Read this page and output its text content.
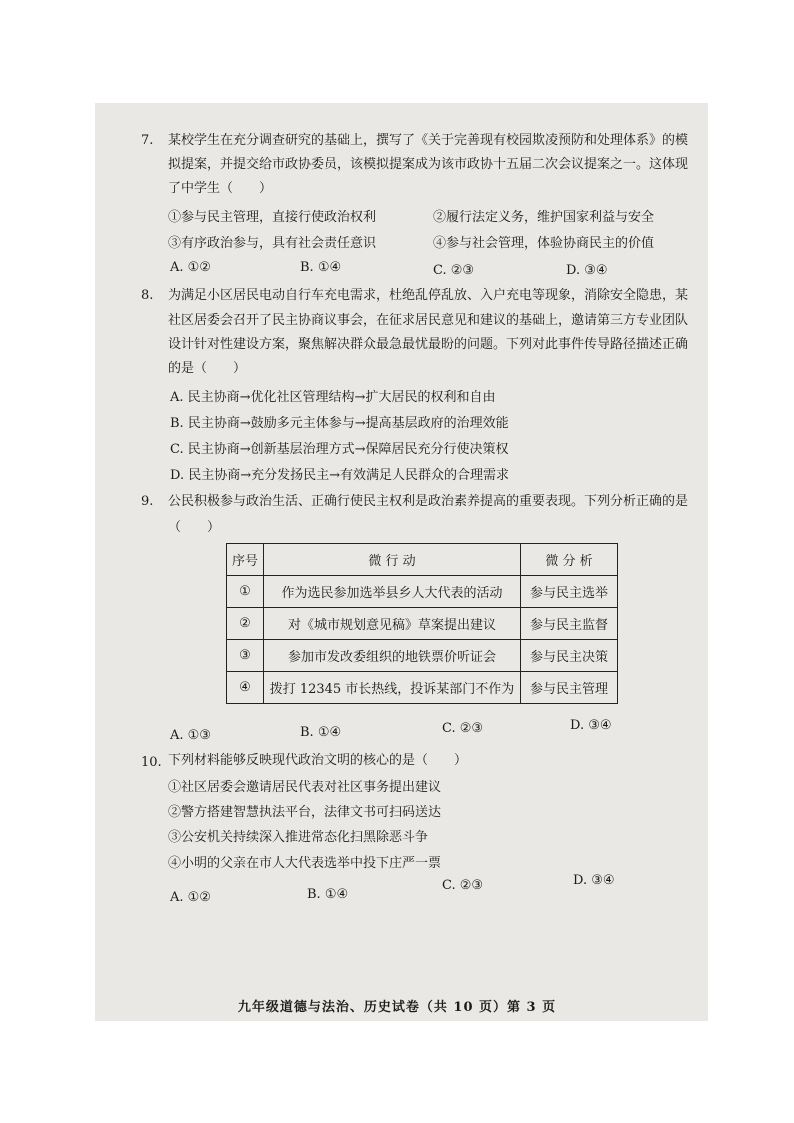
7. 某校学生在充分调查研究的基础上，撰写了《关于完善现有校园欺凌预防和处理体系》的模
拟提案，并提交给市政协委员，该模拟提案成为该市政协十五届二次会议提案之一。这体现
了中学生（　　）
①参与民主管理，直接行使政治权利	②履行法定义务，维护国家利益与安全
③有序政治参与，具有社会责任意识	④参与社会管理，体验协商民主的价值
A. ①②	B. ①④	C. ②③	D. ③④
8. 为满足小区居民电动自行车充电需求，杜绝乱停乱放、入户充电等现象，消除安全隐患，某
社区居委会召开了民主协商议事会，在征求居民意见和建议的基础上，邀请第三方专业团队
设计针对性建设方案，聚焦解决群众最急最忧最盼的问题。下列对此事件传导路径描述正确
的是（　　）
A. 民主协商→优化社区管理结构→扩大居民的权利和自由
B. 民主协商→鼓励多元主体参与→提高基层政府的治理效能
C. 民主协商→创新基层治理方式→保障居民充分行使决策权
D. 民主协商→充分发扬民主→有效满足人民群众的合理需求
9. 公民积极参与政治生活、正确行使民主权利是政治素养提高的重要表现。下列分析正确的是
（　　）
序号	微 行 动	微 分 析
①	作为选民参加选举县乡人大代表的活动	参与民主选举
②	对《城市规划意见稿》草案提出建议	参与民主监督
③	参加市发改委组织的地铁票价听证会	参与民主决策
④	拨打 12345 市长热线，投诉某部门不作为	参与民主管理
A. ①③	B. ①④	C. ②③	D. ③④
10. 下列材料能够反映现代政治文明的核心的是（　　）
①社区居委会邀请居民代表对社区事务提出建议
②警方搭建智慧执法平台，法律文书可扫码送达
③公安机关持续深入推进常态化扫黑除恶斗争
④小明的父亲在市人大代表选举中投下庄严一票
A. ①②	B. ①④
C. ②③	D. ③④
九年级道德与法治、历史试卷（共 10 页）第 3 页
